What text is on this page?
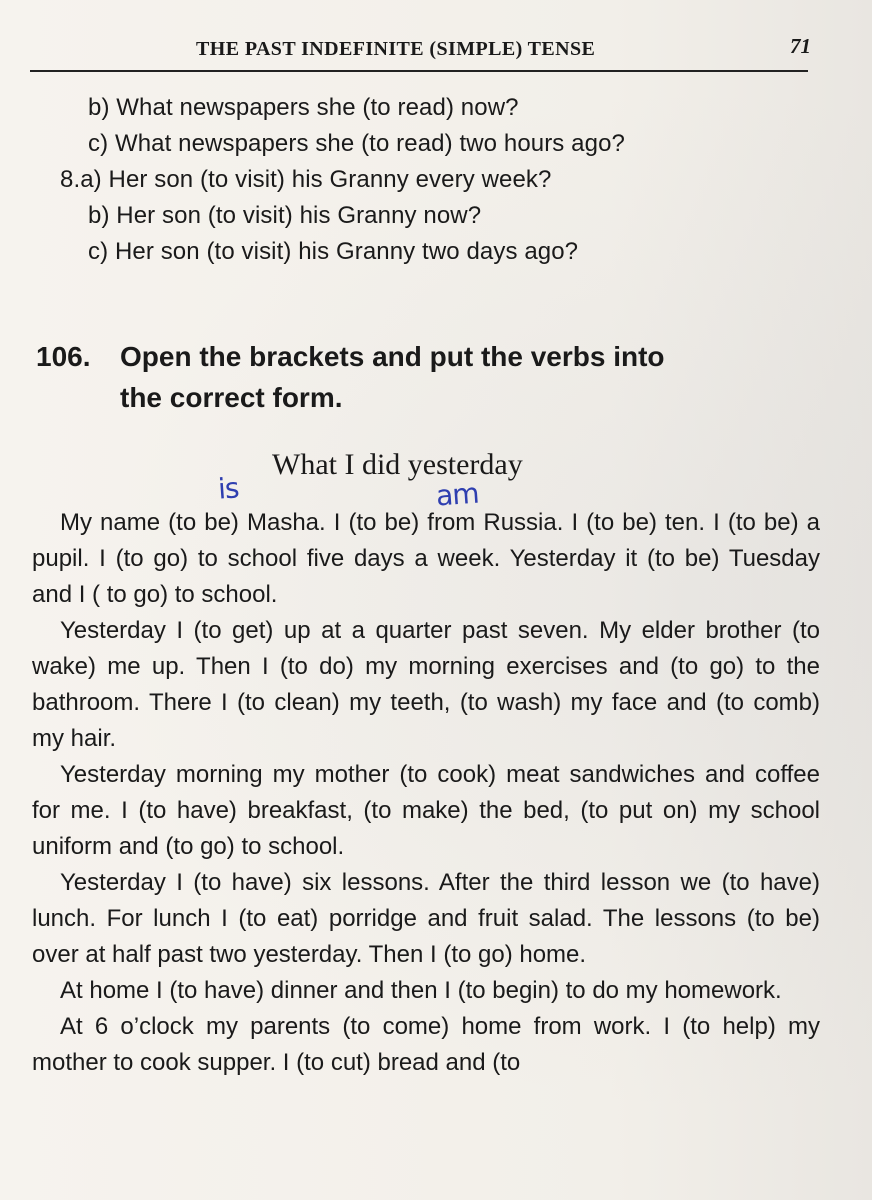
THE PAST INDEFINITE (SIMPLE) TENSE	71
b) What newspapers she (to read) now?
c) What newspapers she (to read) two hours ago?
8.a) Her son (to visit) his Granny every week?
b) Her son (to visit) his Granny now?
c) Her son (to visit) his Granny two days ago?
106. Open the brackets and put the verbs into
the correct form.
What I did yesterday
is	am

My name (to be) Masha. I (to be) from Russia. I (to be) ten. I (to be) a pupil. I (to go) to school five days a week. Yesterday it (to be) Tuesday and I ( to go) to school.

Yesterday I (to get) up at a quarter past seven. My elder brother (to wake) me up. Then I (to do) my morning exercises and (to go) to the bathroom. There I (to clean) my teeth, (to wash) my face and (to comb) my hair.

Yesterday morning my mother (to cook) meat sandwiches and coffee for me. I (to have) breakfast, (to make) the bed, (to put on) my school uniform and (to go) to school.

Yesterday I (to have) six lessons. After the third lesson we (to have) lunch. For lunch I (to eat) porridge and fruit salad. The lessons (to be) over at half past two yesterday. Then I (to go) home.

At home I (to have) dinner and then I (to begin) to do my homework.

At 6 o’clock my parents (to come) home from work. I (to help) my mother to cook supper. I (to cut) bread and (to
